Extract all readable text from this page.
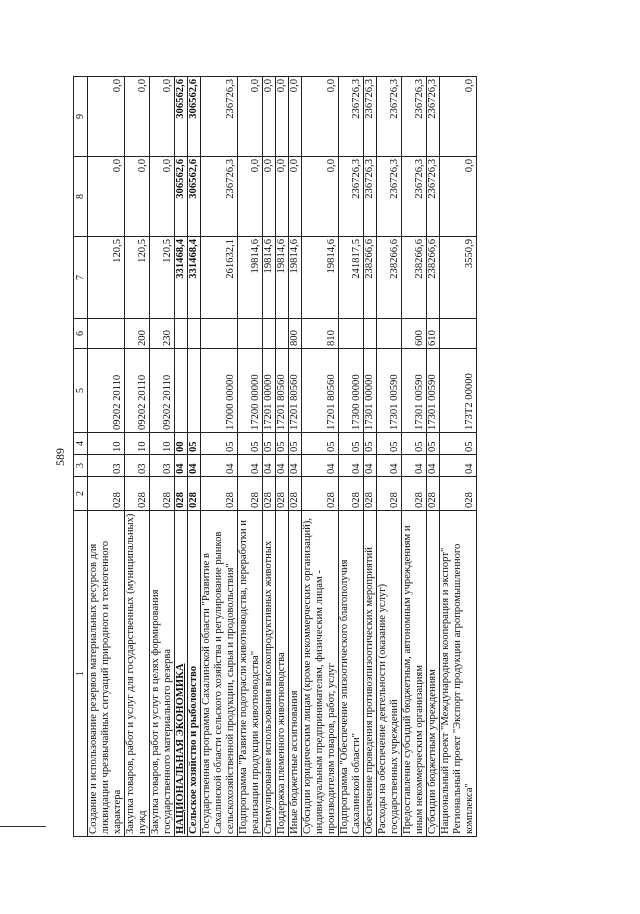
589
1	2	3	4	5	6	7	8	9
Создание и использование резервов материальных ресурсов для ликвидации чрезвычайных ситуаций природного и техногенного характера	028	03	10	09202 20110		120,5	0,0	0,0
Закупка товаров, работ и услуг для государственных (муниципальных) нужд	028	03	10	09202 20110	200	120,5	0,0	0,0
Закупка товаров, работ и услуг в целях формирования государственного материального резерва	028	03	10	09202 20110	230	120,5	0,0	0,0
НАЦИОНАЛЬНАЯ ЭКОНОМИКА	028	04	00			331468,4	306562,6	306562,6
Сельское хозяйство и рыболовство	028	04	05			331468,4	306562,6	306562,6
Государственная программа Сахалинской области "Развитие в Сахалинской области сельского хозяйства и регулирование рынков сельскохозяйственной продукции, сырья и продовольствия"	028	04	05	17000 00000		261632,1	236726,3	236726,3
Подпрограмма "Развитие подотрасли животноводства, переработки и реализации продукции животноводства"	028	04	05	17200 00000		19814,6	0,0	0,0
Стимулирование использования высокопродуктивных животных	028	04	05	17201 00000		19814,6	0,0	0,0
Поддержка племенного животноводства	028	04	05	17201 80560		19814,6	0,0	0,0
Иные бюджетные ассигнования	028	04	05	17201 80560	800	19814,6	0,0	0,0
Субсидии юридическим лицам (кроме некоммерческих организаций), индивидуальным предпринимателям, физическим лицам - производителям товаров, работ, услуг	028	04	05	17201 80560	810	19814,6	0,0	0,0
Подпрограмма "Обеспечение эпизоотического благополучия Сахалинской области"	028	04	05	17300 00000		241817,5	236726,3	236726,3
Обеспечение проведения противоэпизоотических мероприятий	028	04	05	17301 00000		238266,6	236726,3	236726,3
Расходы на обеспечение деятельности (оказание услуг) государственных учреждений	028	04	05	17301 00590		238266,6	236726,3	236726,3
Предоставление субсидий бюджетным, автономным учреждениям и иным некоммерческим организациям	028	04	05	17301 00590	600	238266,6	236726,3	236726,3
Субсидии бюджетным учреждениям	028	04	05	17301 00590	610	238266,6	236726,3	236726,3
Национальный проект "Международная кооперация и экспорт" Региональный проект "Экспорт продукции агропромышленного комплекса"	028	04	05	173T2 00000		3550,9	0,0	0,0
